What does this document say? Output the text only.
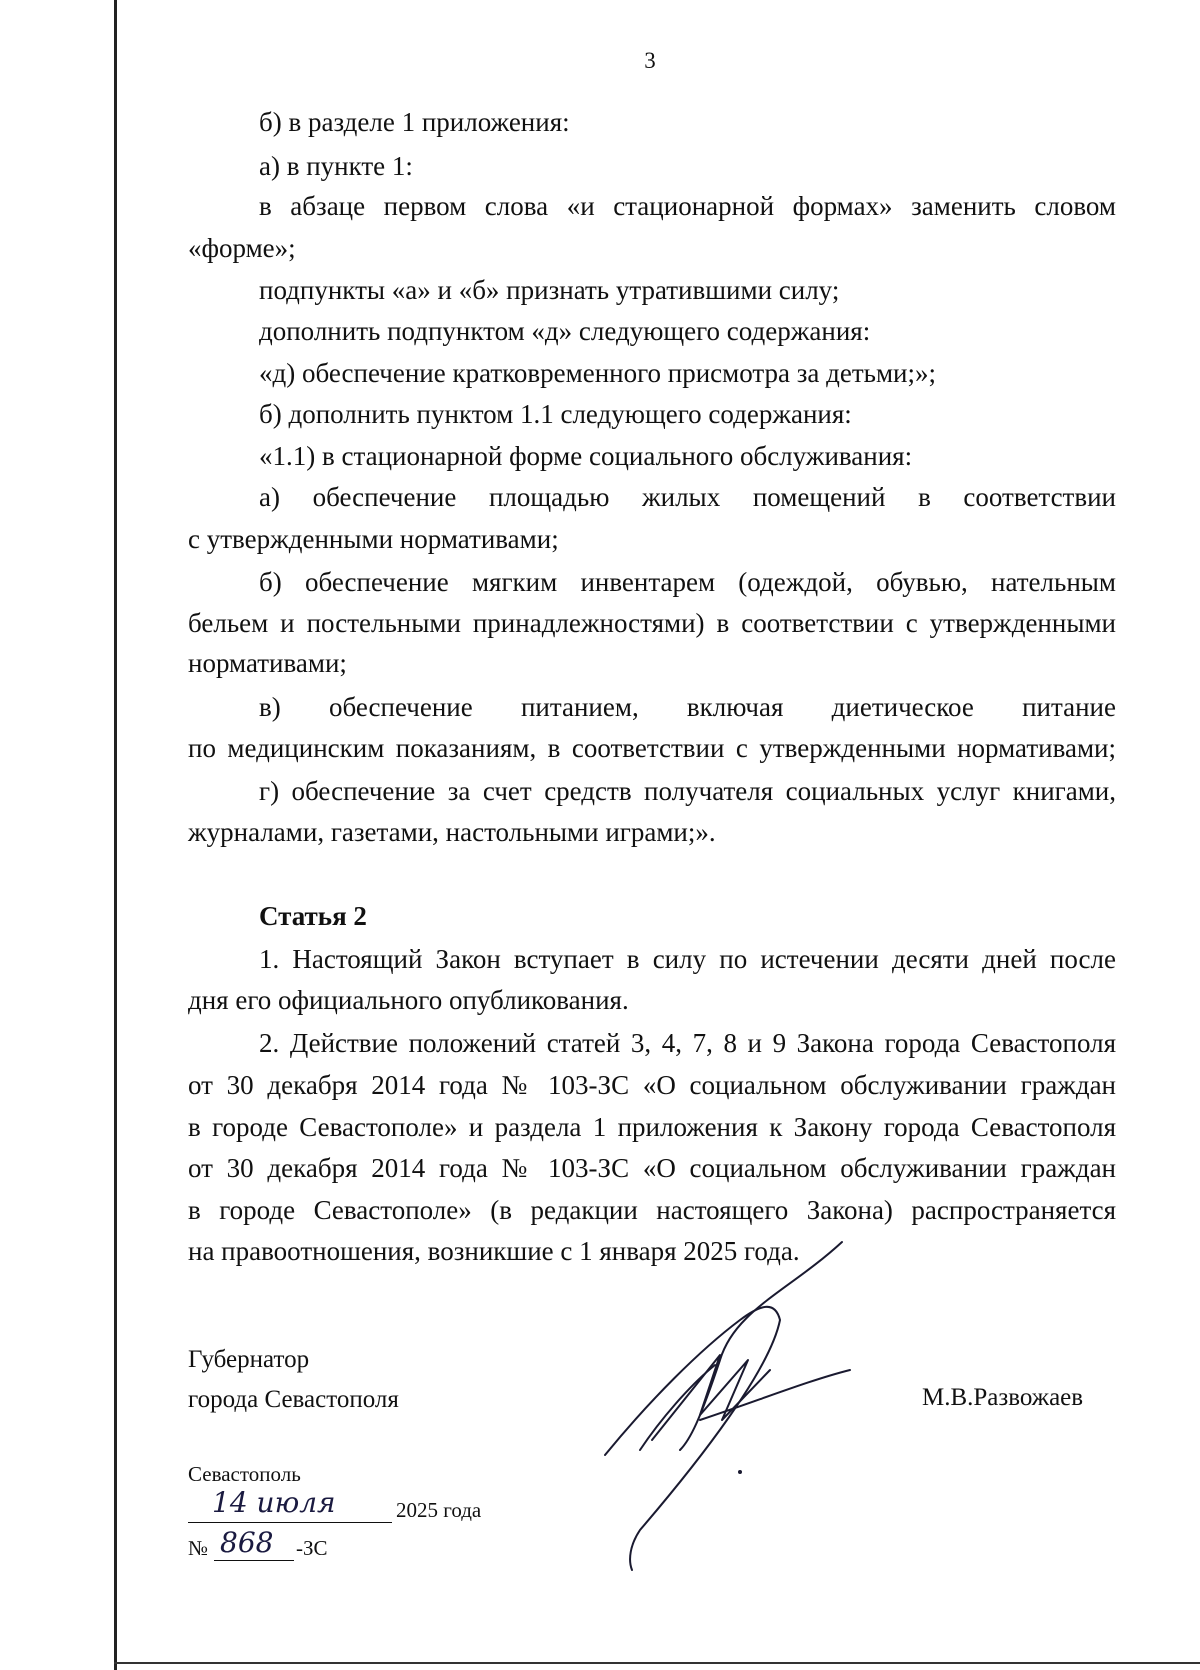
3

б) в разделе 1 приложения:

а) в пункте 1:

в абзаце первом слова «и стационарной формах» заменить словом

«форме»;

подпункты «а» и «б» признать утратившими силу;

дополнить подпунктом «д» следующего содержания:

«д) обеспечение кратковременного присмотра за детьми;»;

б) дополнить пунктом 1.1 следующего содержания:

«1.1) в стационарной форме социального обслуживания:

а) обеспечение площадью жилых помещений в соответствии

с утвержденными нормативами;

б) обеспечение мягким инвентарем (одеждой, обувью, нательным

бельем и постельными принадлежностями) в соответствии с утвержденными

нормативами;

в) обеспечение питанием, включая диетическое питание

по медицинским показаниям, в соответствии с утвержденными нормативами;

г) обеспечение за счет средств получателя социальных услуг книгами,

журналами, газетами, настольными играми;».

Статья 2

1. Настоящий Закон вступает в силу по истечении десяти дней после

дня его официального опубликования.

2. Действие положений статей 3, 4, 7, 8 и 9 Закона города Севастополя

от 30 декабря 2014 года № 103-ЗС «О социальном обслуживании граждан

в городе Севастополе» и раздела 1 приложения к Закону города Севастополя

от 30 декабря 2014 года № 103-ЗС «О социальном обслуживании граждан

в городе Севастополе» (в редакции настоящего Закона) распространяется

на правоотношения, возникшие с 1 января 2025 года.

Губернатор
города Севастополя	М.В.Развожаев
Севастополь
14 июля	2025 года
№ 868 -ЗС
